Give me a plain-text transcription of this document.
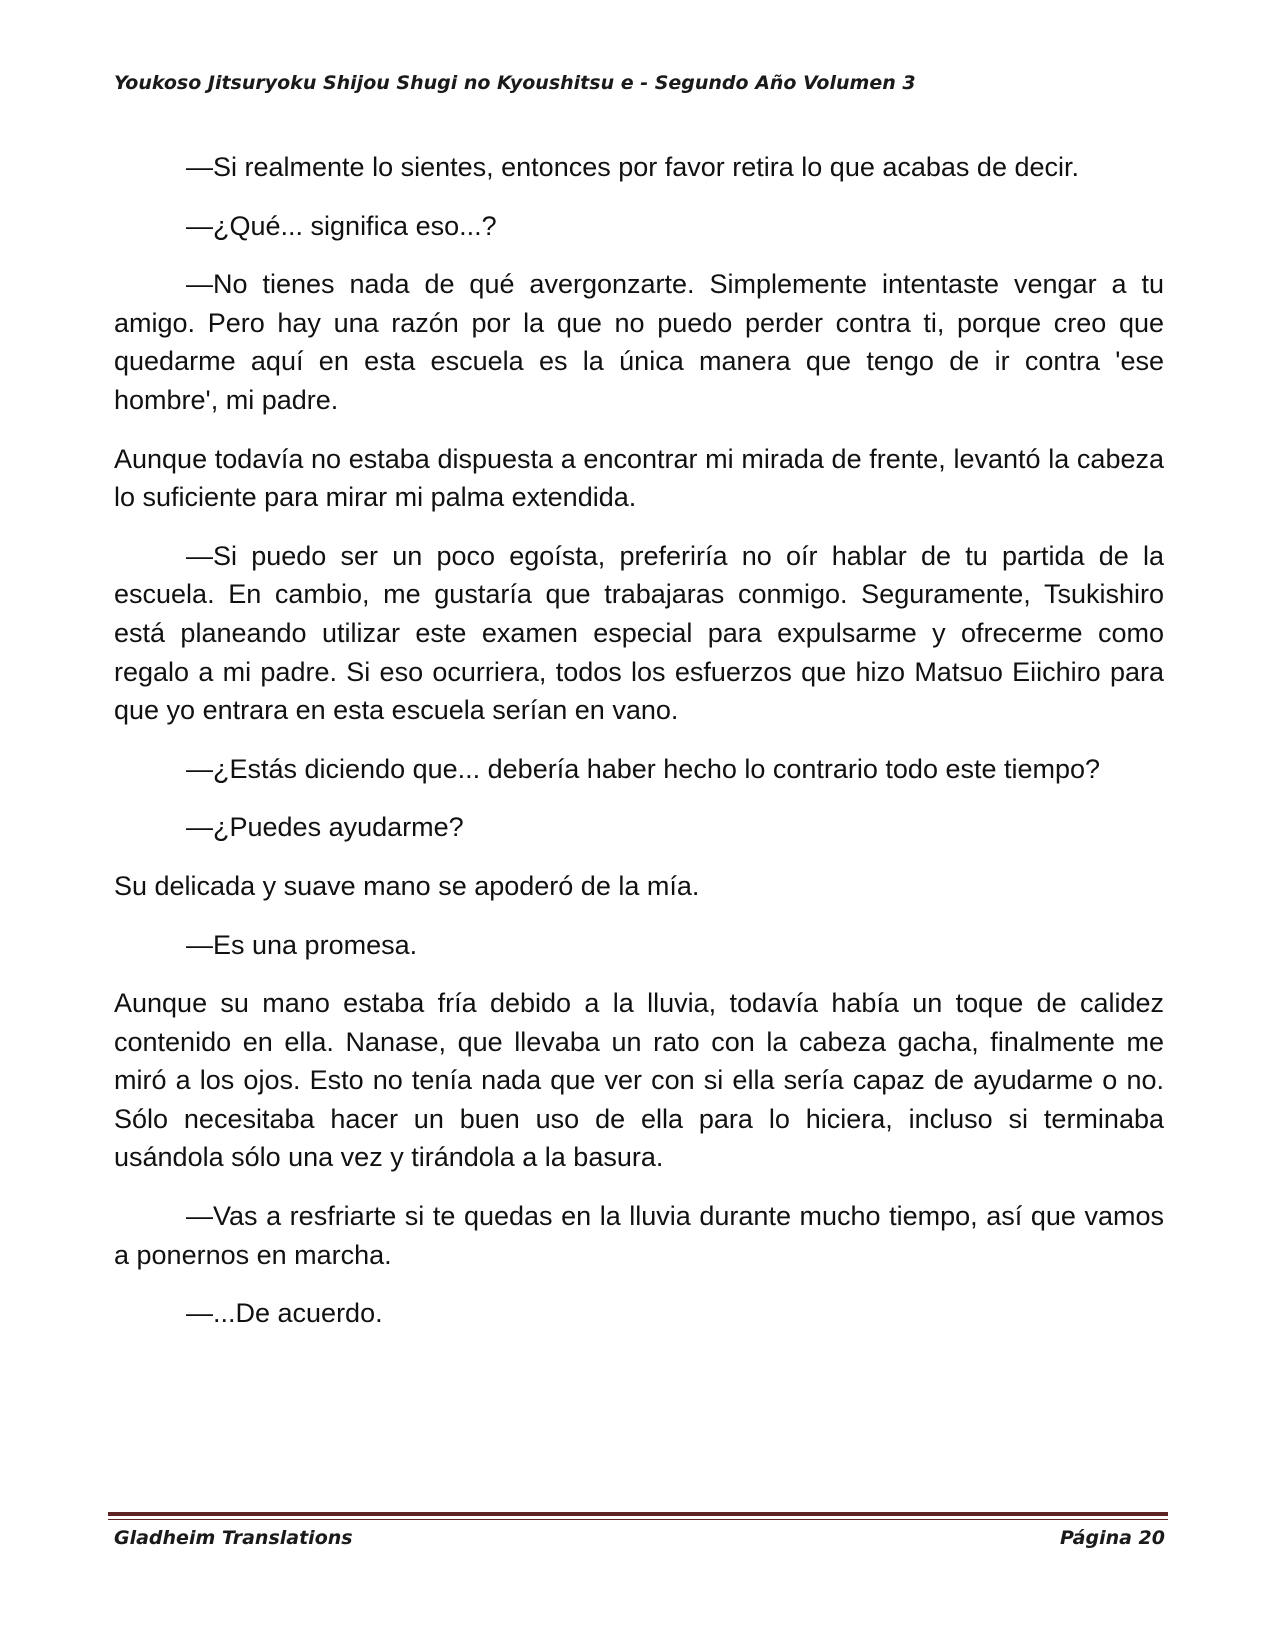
Youkoso Jitsuryoku Shijou Shugi no Kyoushitsu e - Segundo Año Volumen 3

—Si realmente lo sientes, entonces por favor retira lo que acabas de decir.

—¿Qué... significa eso...?

—No tienes nada de qué avergonzarte. Simplemente intentaste vengar a tu amigo. Pero hay una razón por la que no puedo perder contra ti, porque creo que quedarme aquí en esta escuela es la única manera que tengo de ir contra 'ese hombre', mi padre.

Aunque todavía no estaba dispuesta a encontrar mi mirada de frente, levantó la cabeza lo suficiente para mirar mi palma extendida.

—Si puedo ser un poco egoísta, preferiría no oír hablar de tu partida de la escuela. En cambio, me gustaría que trabajaras conmigo. Seguramente, Tsukishiro está planeando utilizar este examen especial para expulsarme y ofrecerme como regalo a mi padre. Si eso ocurriera, todos los esfuerzos que hizo Matsuo Eiichiro para que yo entrara en esta escuela serían en vano.

—¿Estás diciendo que... debería haber hecho lo contrario todo este tiempo?

—¿Puedes ayudarme?

Su delicada y suave mano se apoderó de la mía.

—Es una promesa.

Aunque su mano estaba fría debido a la lluvia, todavía había un toque de calidez contenido en ella. Nanase, que llevaba un rato con la cabeza gacha, finalmente me miró a los ojos. Esto no tenía nada que ver con si ella sería capaz de ayudarme o no. Sólo necesitaba hacer un buen uso de ella para lo hiciera, incluso si terminaba usándola sólo una vez y tirándola a la basura.

—Vas a resfriarte si te quedas en la lluvia durante mucho tiempo, así que vamos a ponernos en marcha.

—...De acuerdo.

Gladheim Translations	Página 20
